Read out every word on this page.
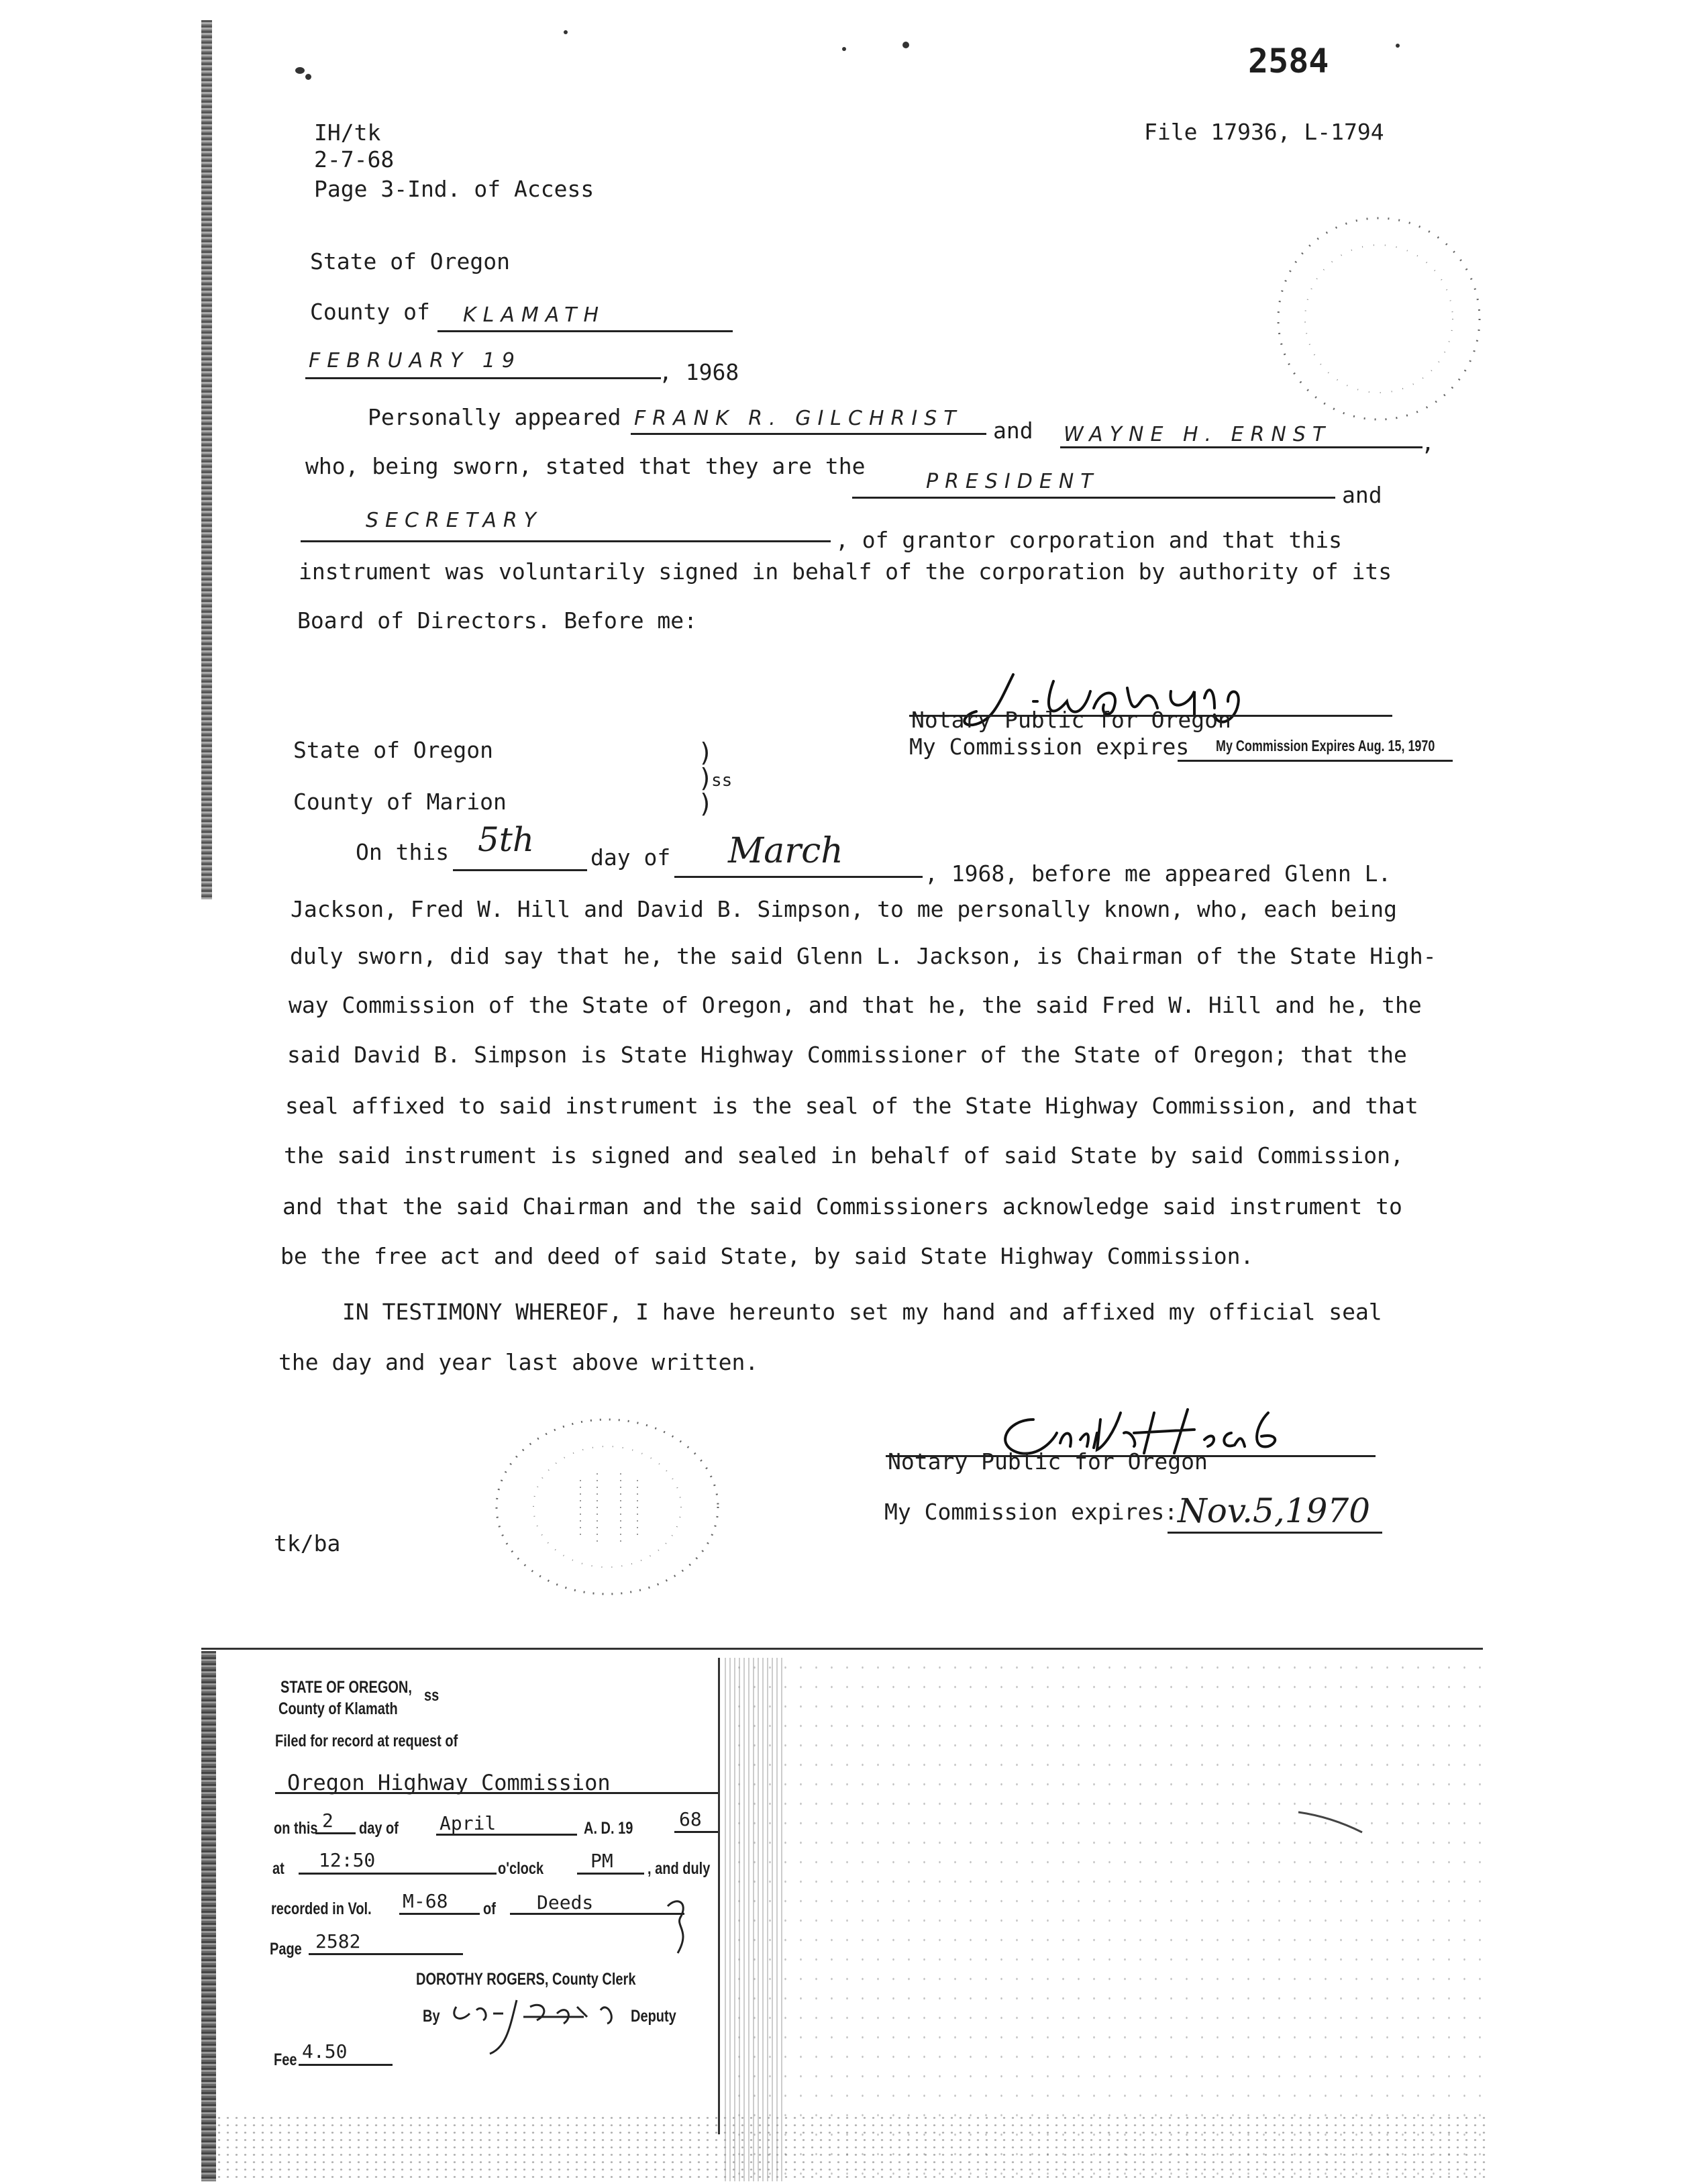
2584
File 17936, L-1794
IH/tk
2-7-68
Page 3-Ind. of Access
State of Oregon
County of KLAMATH
FEBRUARY 19	, 1968
Personally appeared FRANK R. GILCHRIST and WAYNE H. ERNST	,
who, being sworn, stated that they are the
PRESIDENT
and
SECRETARY
, of grantor corporation and that this
instrument was voluntarily signed in behalf of the corporation by authority of its
Board of Directors. Before me:
Notary Public for Oregon
My Commission expires My Commission Expires Aug. 15, 1970
State of Oregon
County of Marion
)
)
)
ss
On this 5th	day of March
, 1968, before me appeared Glenn L.
Jackson, Fred W. Hill and David B. Simpson, to me personally known, who, each being
duly sworn, did say that he, the said Glenn L. Jackson, is Chairman of the State High-
way Commission of the State of Oregon, and that he, the said Fred W. Hill and he, the
said David B. Simpson is State Highway Commissioner of the State of Oregon; that the
seal affixed to said instrument is the seal of the State Highway Commission, and that
the said instrument is signed and sealed in behalf of said State by said Commission,
and that the said Chairman and the said Commissioners acknowledge said instrument to
be the free act and deed of said State, by said State Highway Commission.
IN TESTIMONY WHEREOF, I have hereunto set my hand and affixed my official seal
the day and year last above written.
Notary Public for Oregon
My Commission expires: Nov.5,1970
tk/ba
STATE OF OREGON,
County of Klamath
ss
Filed for record at request of
Oregon Highway Commission
on this 2 day of April	A. D. 19 68
at 12:50	o'clock PM , and duly
recorded in Vol. M-68 of Deeds
Page 2582
DOROTHY ROGERS, County Clerk
By	Deputy
Fee 4.50
